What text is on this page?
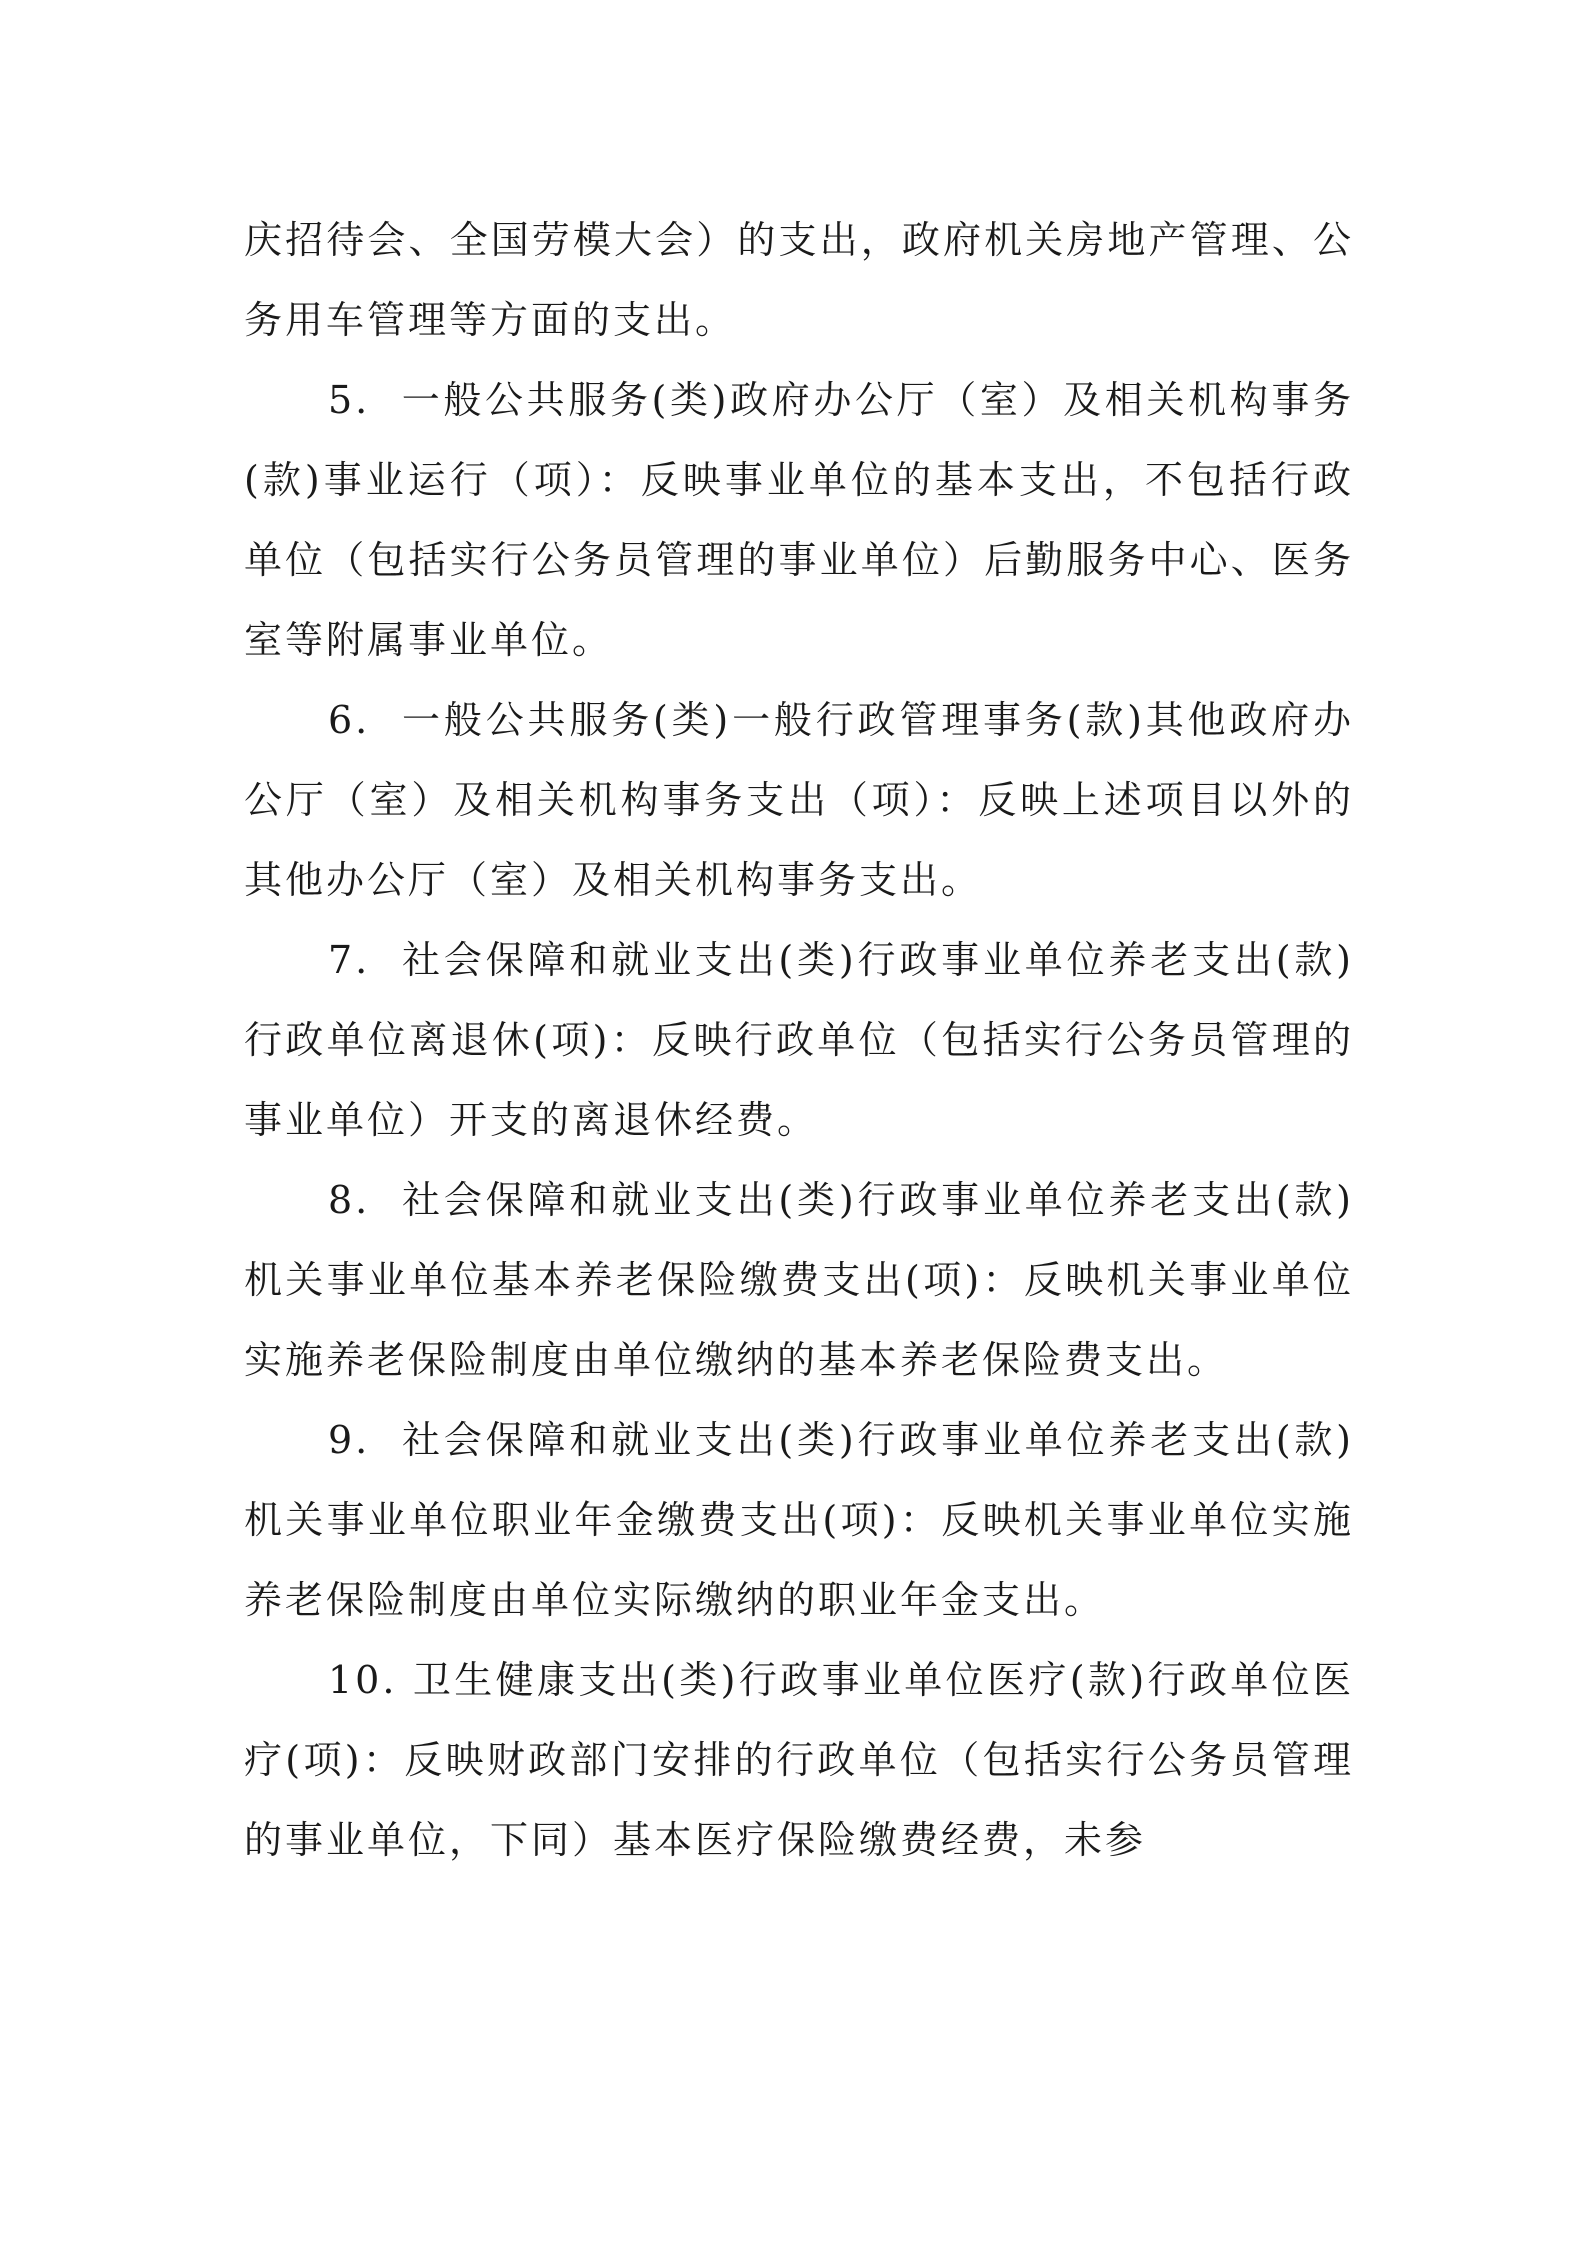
庆招待会、全国劳模大会）的支出，政府机关房地产管理、公务用车管理等方面的支出。

5.  一般公共服务(类)政府办公厅（室）及相关机构事务(款)事业运行（项）：反映事业单位的基本支出，不包括行政单位（包括实行公务员管理的事业单位）后勤服务中心、医务室等附属事业单位。

6.  一般公共服务(类)一般行政管理事务(款)其他政府办公厅（室）及相关机构事务支出（项）：反映上述项目以外的其他办公厅（室）及相关机构事务支出。

7.  社会保障和就业支出(类)行政事业单位养老支出(款)行政单位离退休(项)：反映行政单位（包括实行公务员管理的事业单位）开支的离退休经费。

8.  社会保障和就业支出(类)行政事业单位养老支出(款)机关事业单位基本养老保险缴费支出(项)：反映机关事业单位实施养老保险制度由单位缴纳的基本养老保险费支出。

9.  社会保障和就业支出(类)行政事业单位养老支出(款)机关事业单位职业年金缴费支出(项)：反映机关事业单位实施养老保险制度由单位实际缴纳的职业年金支出。

10. 卫生健康支出(类)行政事业单位医疗(款)行政单位医疗(项)：反映财政部门安排的行政单位（包括实行公务员管理的事业单位，下同）基本医疗保险缴费经费，未参
